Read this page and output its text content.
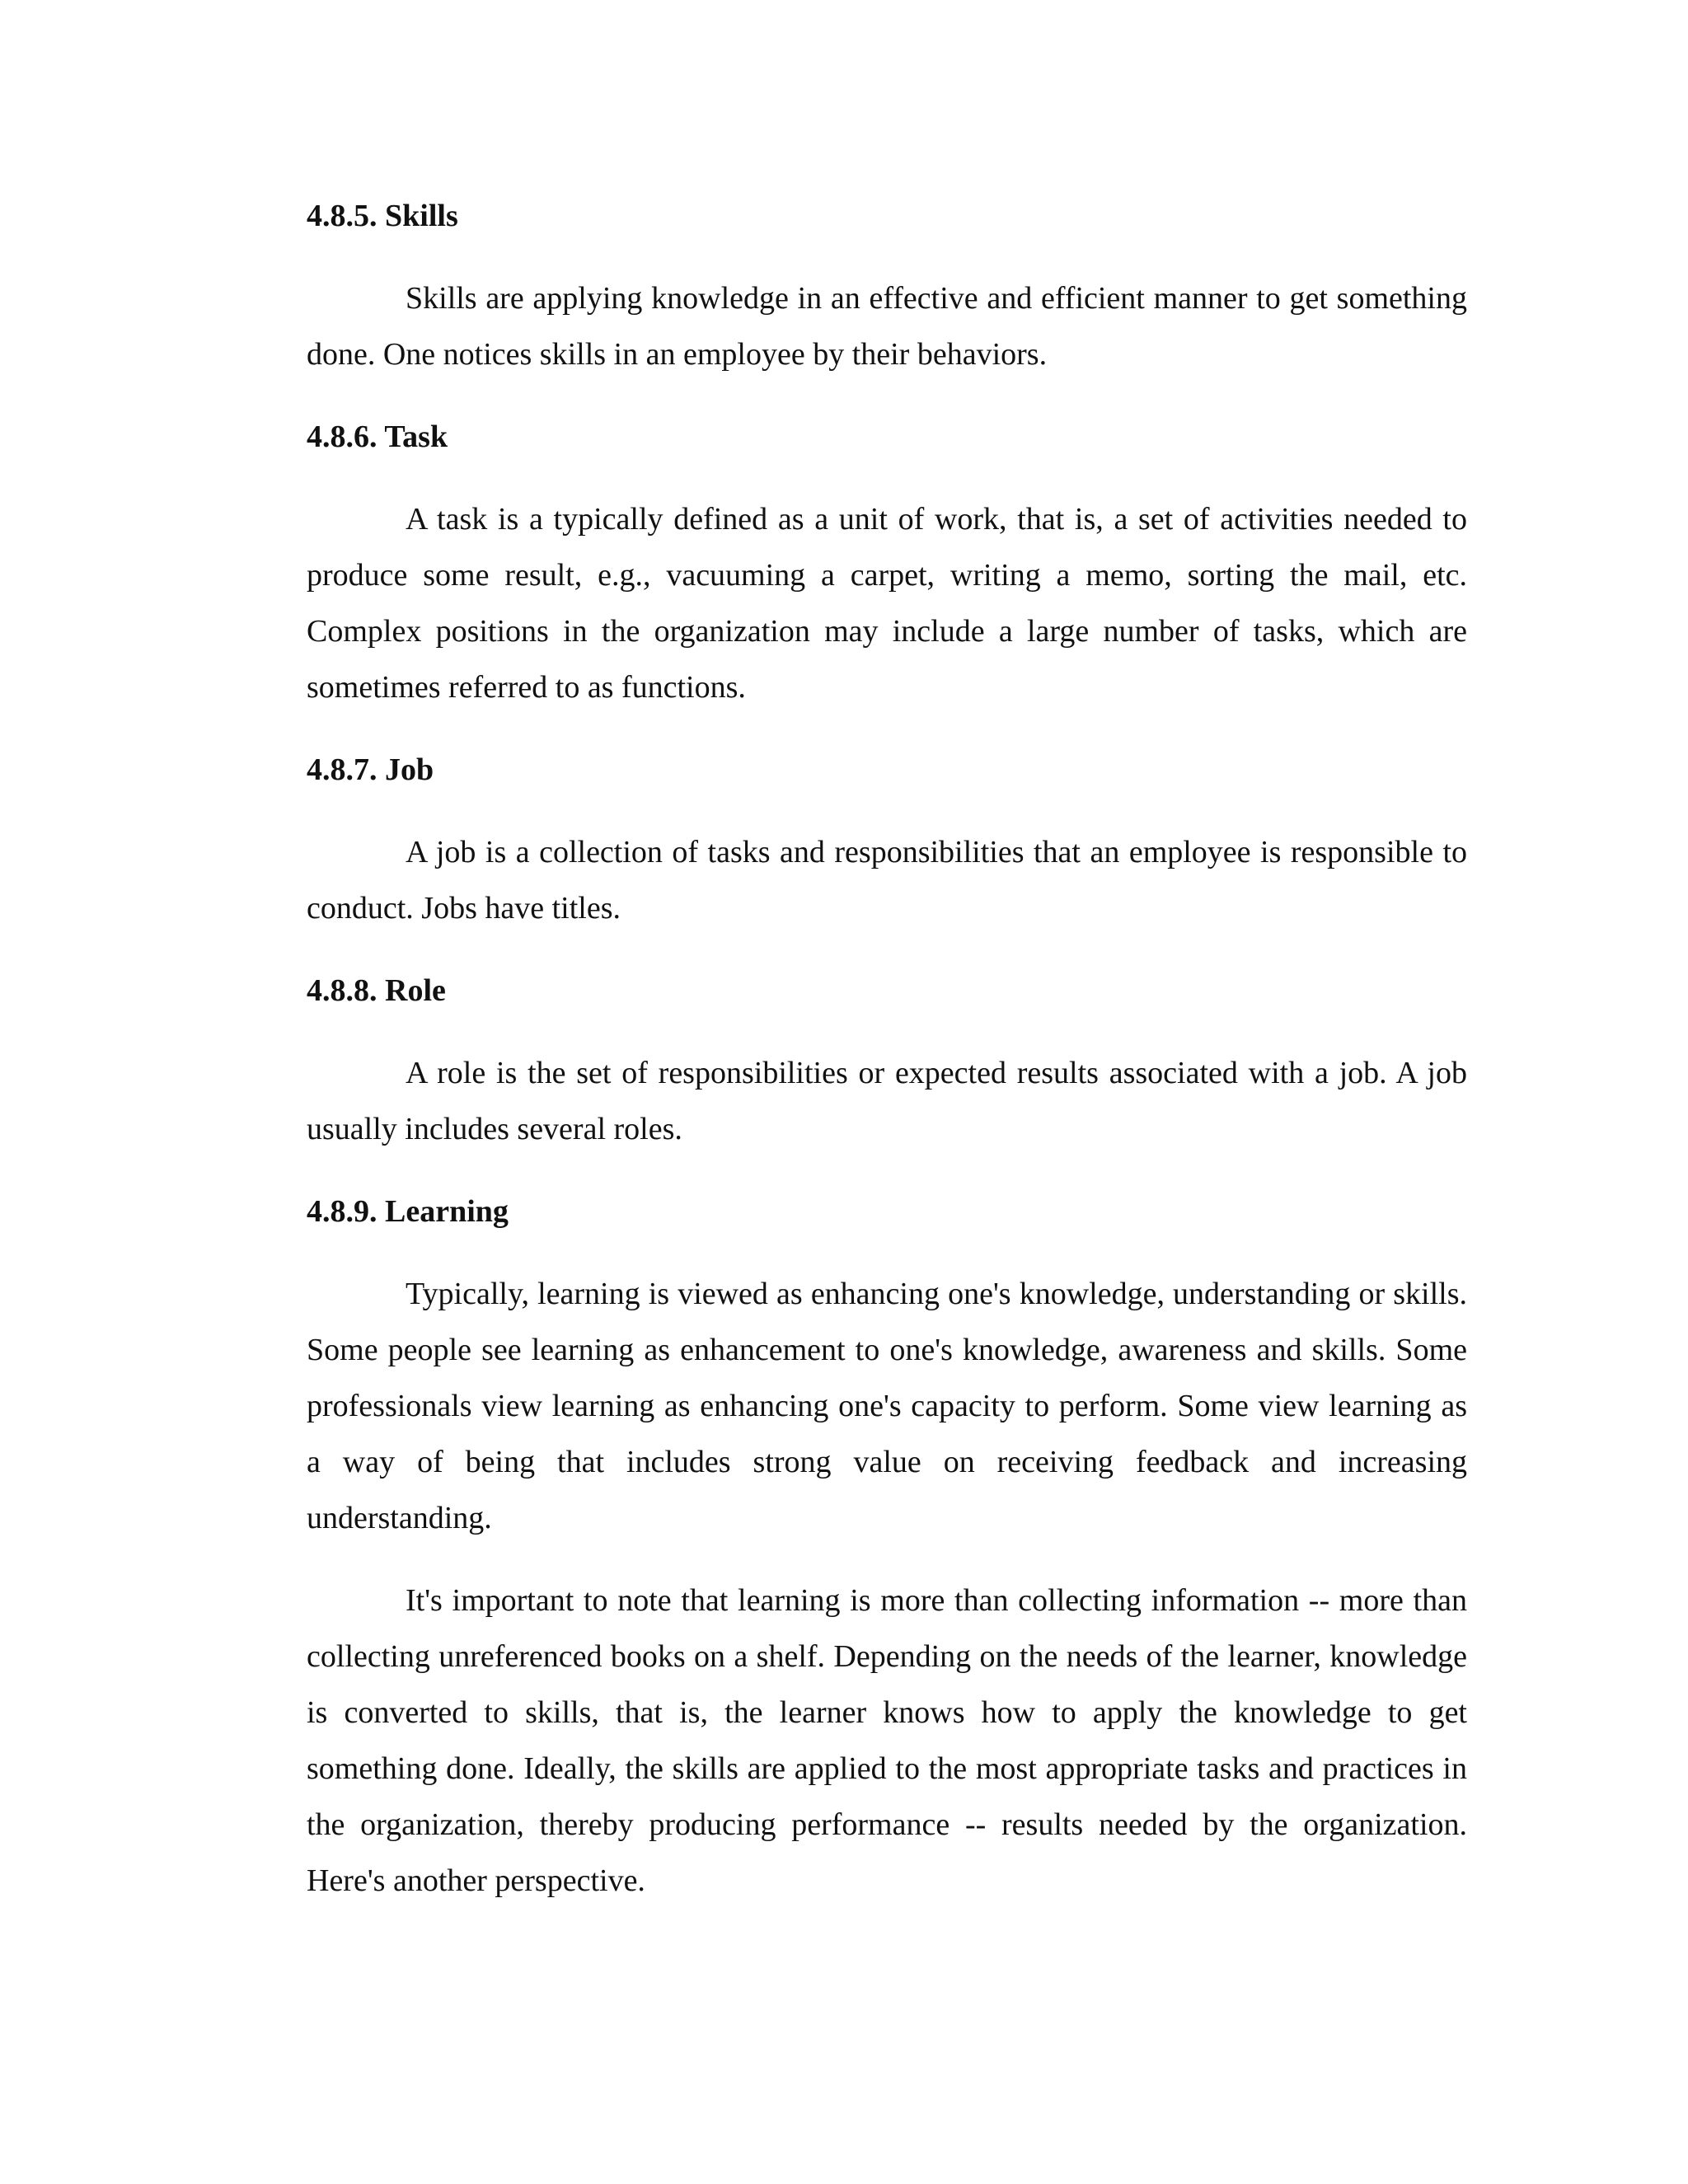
4.8.5. Skills

Skills are applying knowledge in an effective and efficient manner to get something done. One notices skills in an employee by their behaviors.

4.8.6. Task

A task is a typically defined as a unit of work, that is, a set of activities needed to produce some result, e.g., vacuuming a carpet, writing a memo, sorting the mail, etc. Complex positions in the organization may include a large number of tasks, which are sometimes referred to as functions.

4.8.7. Job

A job is a collection of tasks and responsibilities that an employee is responsible to conduct. Jobs have titles.

4.8.8. Role

A role is the set of responsibilities or expected results associated with a job. A job usually includes several roles.

4.8.9. Learning

Typically, learning is viewed as enhancing one's knowledge, understanding or skills. Some people see learning as enhancement to one's knowledge, awareness and skills. Some professionals view learning as enhancing one's capacity to perform. Some view learning as a way of being that includes strong value on receiving feedback and increasing understanding.

It's important to note that learning is more than collecting information -- more than collecting unreferenced books on a shelf. Depending on the needs of the learner, knowledge is converted to skills, that is, the learner knows how to apply the knowledge to get something done. Ideally, the skills are applied to the most appropriate tasks and practices in the organization, thereby producing performance -- results needed by the organization. Here's another perspective.
